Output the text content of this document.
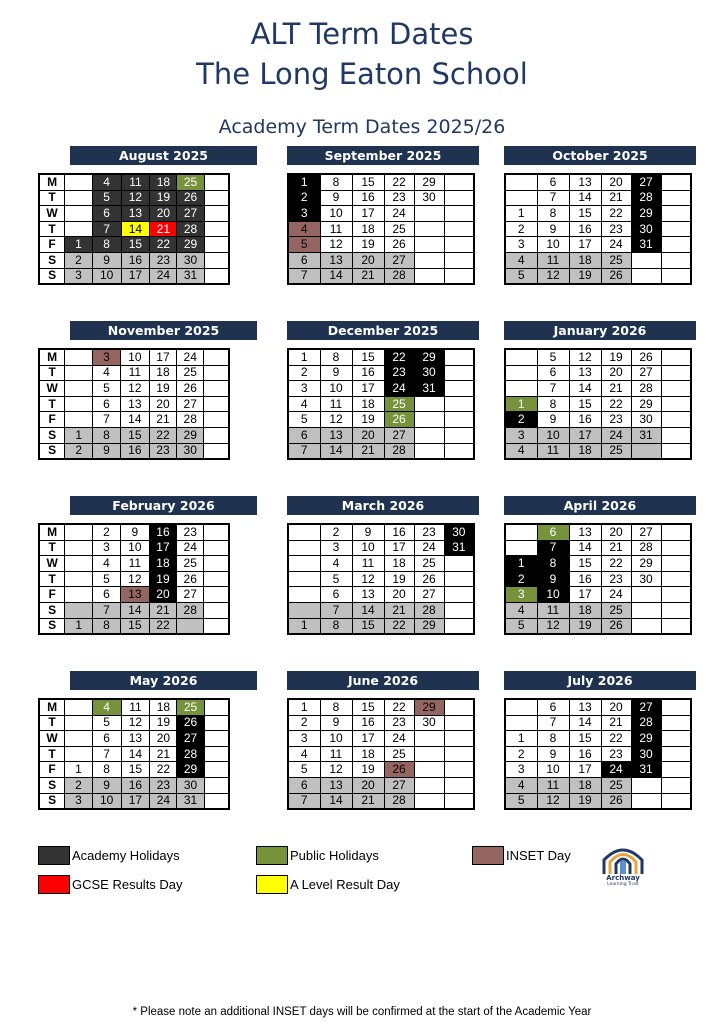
ALT Term Dates
The Long Eaton School
Academy Term Dates 2025/26
August 2025
M		4	11	18	25	
T		5	12	19	26	
W		6	13	20	27	
T		7	14	21	28	
F	1	8	15	22	29	
S	2	9	16	23	30	
S	3	10	17	24	31	
September 2025
1	8	15	22	29	
2	9	16	23	30	
3	10	17	24		
4	11	18	25		
5	12	19	26		
6	13	20	27		
7	14	21	28		
October 2025
	6	13	20	27	
	7	14	21	28	
1	8	15	22	29	
2	9	16	23	30	
3	10	17	24	31	
4	11	18	25		
5	12	19	26		
November 2025
M		3	10	17	24	
T		4	11	18	25	
W		5	12	19	26	
T		6	13	20	27	
F		7	14	21	28	
S	1	8	15	22	29	
S	2	9	16	23	30	
December 2025
1	8	15	22	29	
2	9	16	23	30	
3	10	17	24	31	
4	11	18	25		
5	12	19	26		
6	13	20	27		
7	14	21	28		
January 2026
	5	12	19	26	
	6	13	20	27	
	7	14	21	28	
1	8	15	22	29	
2	9	16	23	30	
3	10	17	24	31	
4	11	18	25		
February 2026
M		2	9	16	23	
T		3	10	17	24	
W		4	11	18	25	
T		5	12	19	26	
F		6	13	20	27	
S		7	14	21	28	
S	1	8	15	22		
March 2026
	2	9	16	23	30
	3	10	17	24	31
	4	11	18	25	
	5	12	19	26	
	6	13	20	27	
	7	14	21	28	
1	8	15	22	29	
April 2026
	6	13	20	27	
	7	14	21	28	
1	8	15	22	29	
2	9	16	23	30	
3	10	17	24		
4	11	18	25		
5	12	19	26		
May 2026
M		4	11	18	25	
T		5	12	19	26	
W		6	13	20	27	
T		7	14	21	28	
F	1	8	15	22	29	
S	2	9	16	23	30	
S	3	10	17	24	31	
June 2026
1	8	15	22	29	
2	9	16	23	30	
3	10	17	24		
4	11	18	25		
5	12	19	26		
6	13	20	27		
7	14	21	28		
July 2026
	6	13	20	27	
	7	14	21	28	
1	8	15	22	29	
2	9	16	23	30	
3	10	17	24	31	
4	11	18	25		
5	12	19	26		
Academy Holidays	Public Holidays	INSET Day
GCSE Results Day	A Level Result Day	Archway
Learning Trust
* Please note an additional INSET days will be confirmed at the start of the Academic Year
